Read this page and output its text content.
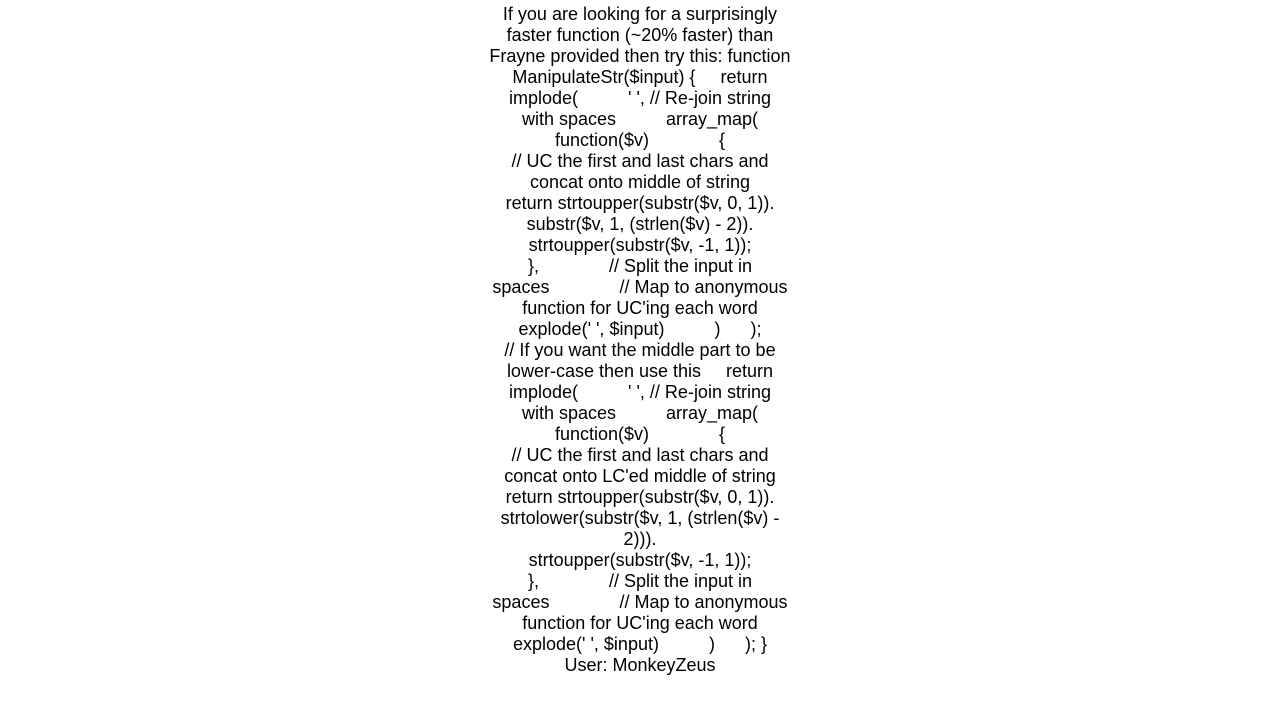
If you are looking for a surprisingly
faster function (~20% faster) than
Frayne provided then try this: function
ManipulateStr($input) {     return
implode(          ' ', // Re-join string
with spaces          array_map(
function($v)              {
// UC the first and last chars and
concat onto middle of string
return strtoupper(substr($v, 0, 1)).
substr($v, 1, (strlen($v) - 2)).
strtoupper(substr($v, -1, 1));
},              // Split the input in
spaces              // Map to anonymous
function for UC'ing each word
explode(' ', $input)          )      );
// If you want the middle part to be
lower-case then use this     return
implode(          ' ', // Re-join string
with spaces          array_map(
function($v)              {
// UC the first and last chars and
concat onto LC'ed middle of string
return strtoupper(substr($v, 0, 1)).
strtolower(substr($v, 1, (strlen($v) -
2))).
strtoupper(substr($v, -1, 1));
},              // Split the input in
spaces              // Map to anonymous
function for UC'ing each word
explode(' ', $input)          )      ); }
User: MonkeyZeus
